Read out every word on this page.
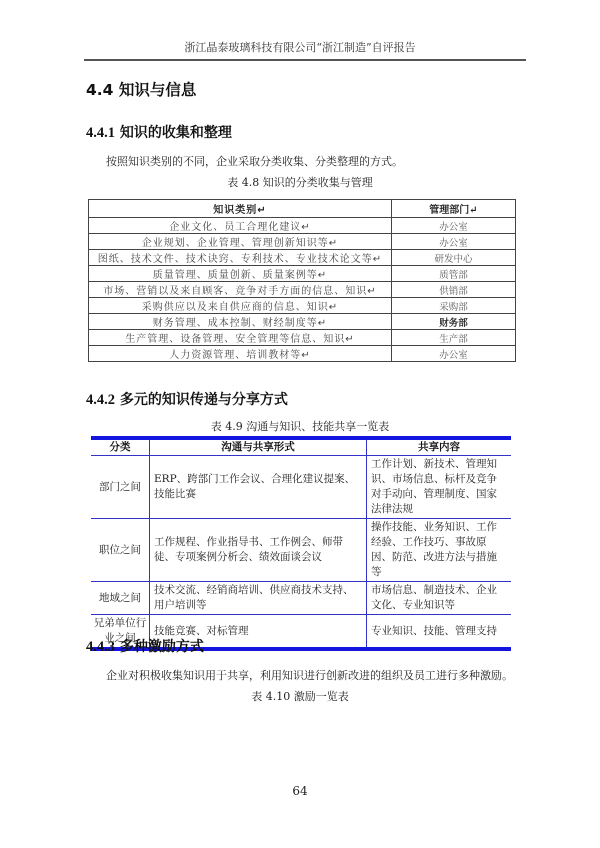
浙江晶泰玻璃科技有限公司“浙江制造”自评报告
4.4 知识与信息
4.4.1 知识的收集和整理
按照知识类别的不同，企业采取分类收集、分类整理的方式。
表 4.8 知识的分类收集与管理
知识类别↵	管理部门↵
企业文化、员工合理化建议↵	办公室
企业规划、企业管理、管理创新知识等↵	办公室
图纸、技术文件、技术诀窍、专利技术、专业技术论文等↵	研发中心
质量管理、质量创新、质量案例等↵	质管部
市场、营销以及来自顾客、竞争对手方面的信息、知识↵	供销部
采购供应以及来自供应商的信息、知识↵	采购部
财务管理、成本控制、财经制度等↵	财务部
生产管理、设备管理、安全管理等信息、知识↵	生产部
人力资源管理、培训教材等↵	办公室
4.4.2 多元的知识传递与分享方式
表 4.9 沟通与知识、技能共享一览表
分类	沟通与共享形式	共享内容
部门之间	ERP、跨部门工作会议、合理化建议提案、技能比赛	工作计划、新技术、管理知识、市场信息、标杆及竞争对手动向、管理制度、国家法律法规
职位之间	工作规程、作业指导书、工作例会、师带徒、专项案例分析会、绩效面谈会议	操作技能、业务知识、工作经验、工作技巧、事故原因、防范、改进方法与措施等
地域之间	技术交流、经销商培训、供应商技术支持、用户培训等	市场信息、制造技术、企业文化、专业知识等
兄弟单位行业之间	技能竞赛、对标管理	专业知识、技能、管理支持
4.4.3 多种激励方式
企业对积极收集知识用于共享，利用知识进行创新改进的组织及员工进行多种激励。
表 4.10 激励一览表
64
